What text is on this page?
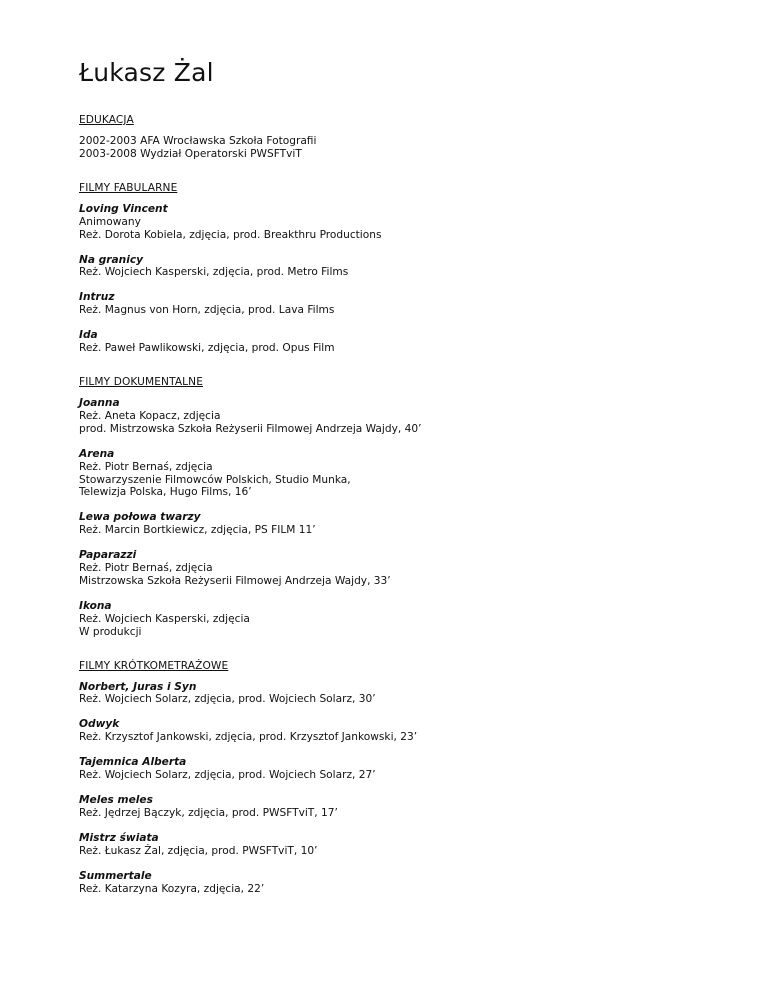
Łukasz Żal
EDUKACJA
2002-2003 AFA Wrocławska Szkoła Fotografii
2003-2008 Wydział Operatorski PWSFTviT
FILMY FABULARNE
Loving Vincent
Animowany
Reż. Dorota Kobiela, zdjęcia, prod. Breakthru Productions
Na granicy
Reż. Wojciech Kasperski, zdjęcia, prod. Metro Films
Intruz
Reż. Magnus von Horn, zdjęcia, prod. Lava Films
Ida
Reż. Paweł Pawlikowski, zdjęcia, prod. Opus Film
FILMY DOKUMENTALNE
Joanna
Reż. Aneta Kopacz, zdjęcia
prod. Mistrzowska Szkoła Reżyserii Filmowej Andrzeja Wajdy, 40’
Arena
Reż. Piotr Bernaś, zdjęcia
Stowarzyszenie Filmowców Polskich, Studio Munka,
Telewizja Polska, Hugo Films, 16’
Lewa połowa twarzy
Reż. Marcin Bortkiewicz, zdjęcia, PS FILM 11’
Paparazzi
Reż. Piotr Bernaś, zdjęcia
Mistrzowska Szkoła Reżyserii Filmowej Andrzeja Wajdy, 33’
Ikona
Reż. Wojciech Kasperski, zdjęcia
W produkcji
FILMY KRÓTKOMETRAŻOWE
Norbert, Juras i Syn
Reż. Wojciech Solarz, zdjęcia, prod. Wojciech Solarz, 30’
Odwyk
Reż. Krzysztof Jankowski, zdjęcia, prod. Krzysztof Jankowski, 23’
Tajemnica Alberta
Reż. Wojciech Solarz, zdjęcia, prod. Wojciech Solarz, 27’
Meles meles
Reż. Jędrzej Bączyk, zdjęcia, prod. PWSFTviT, 17’
Mistrz świata
Reż. Łukasz Żal, zdjęcia, prod. PWSFTviT, 10’
Summertale
Reż. Katarzyna Kozyra, zdjęcia, 22’
